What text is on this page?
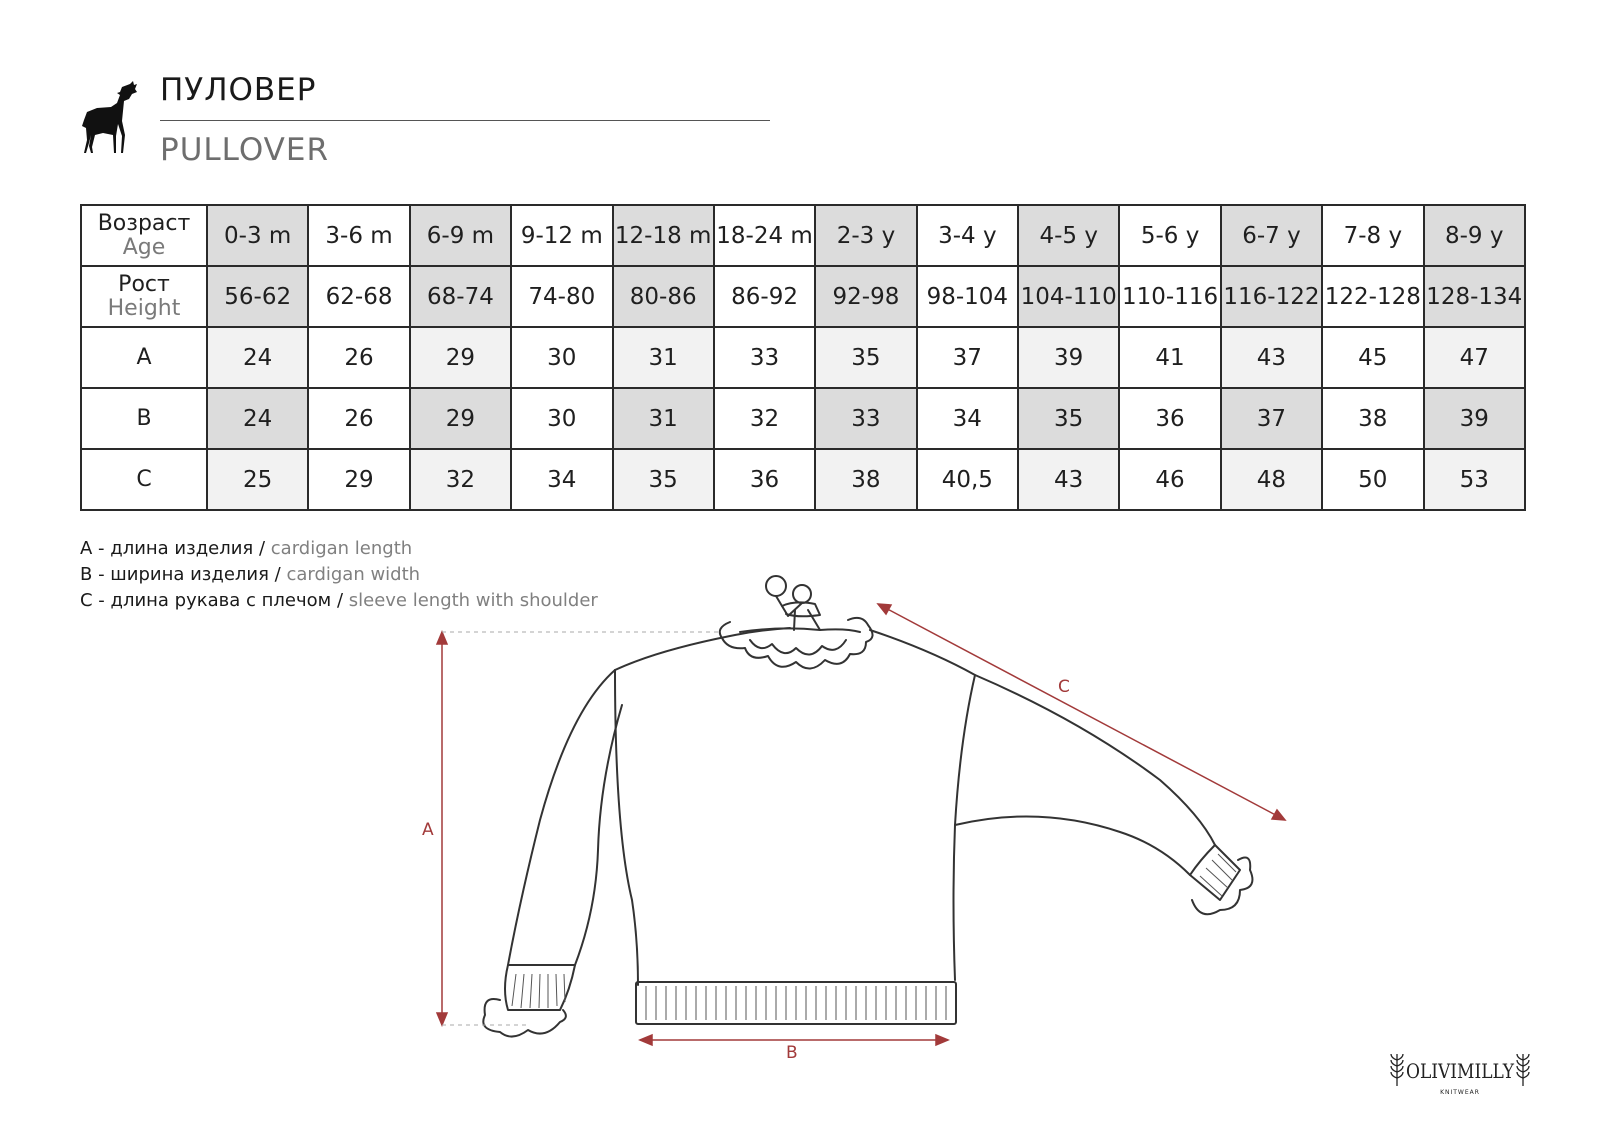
ПУЛОВЕР
PULLOVER
Возраст
Age	0-3 m	3-6 m	6-9 m	9-12 m	12-18 m	18-24 m	2-3 y	3-4 y	4-5 y	5-6 y	6-7 y	7-8 y	8-9 y

Рост
Height	56-62	62-68	68-74	74-80	80-86	86-92	92-98	98-104	104-110	110-116	116-122	122-128	128-134
A	24	26	29	30	31	33	35	37	39	41	43	45	47
B	24	26	29	30	31	32	33	34	35	36	37	38	39
C	25	29	32	34	35	36	38	40,5	43	46	48	50	53
A - длина изделия / cardigan length
B - ширина изделия / cardigan width
C - длина рукава с плечом / sleeve length with shoulder
A
B
C
OLIVIMILLY
KNITWEAR
